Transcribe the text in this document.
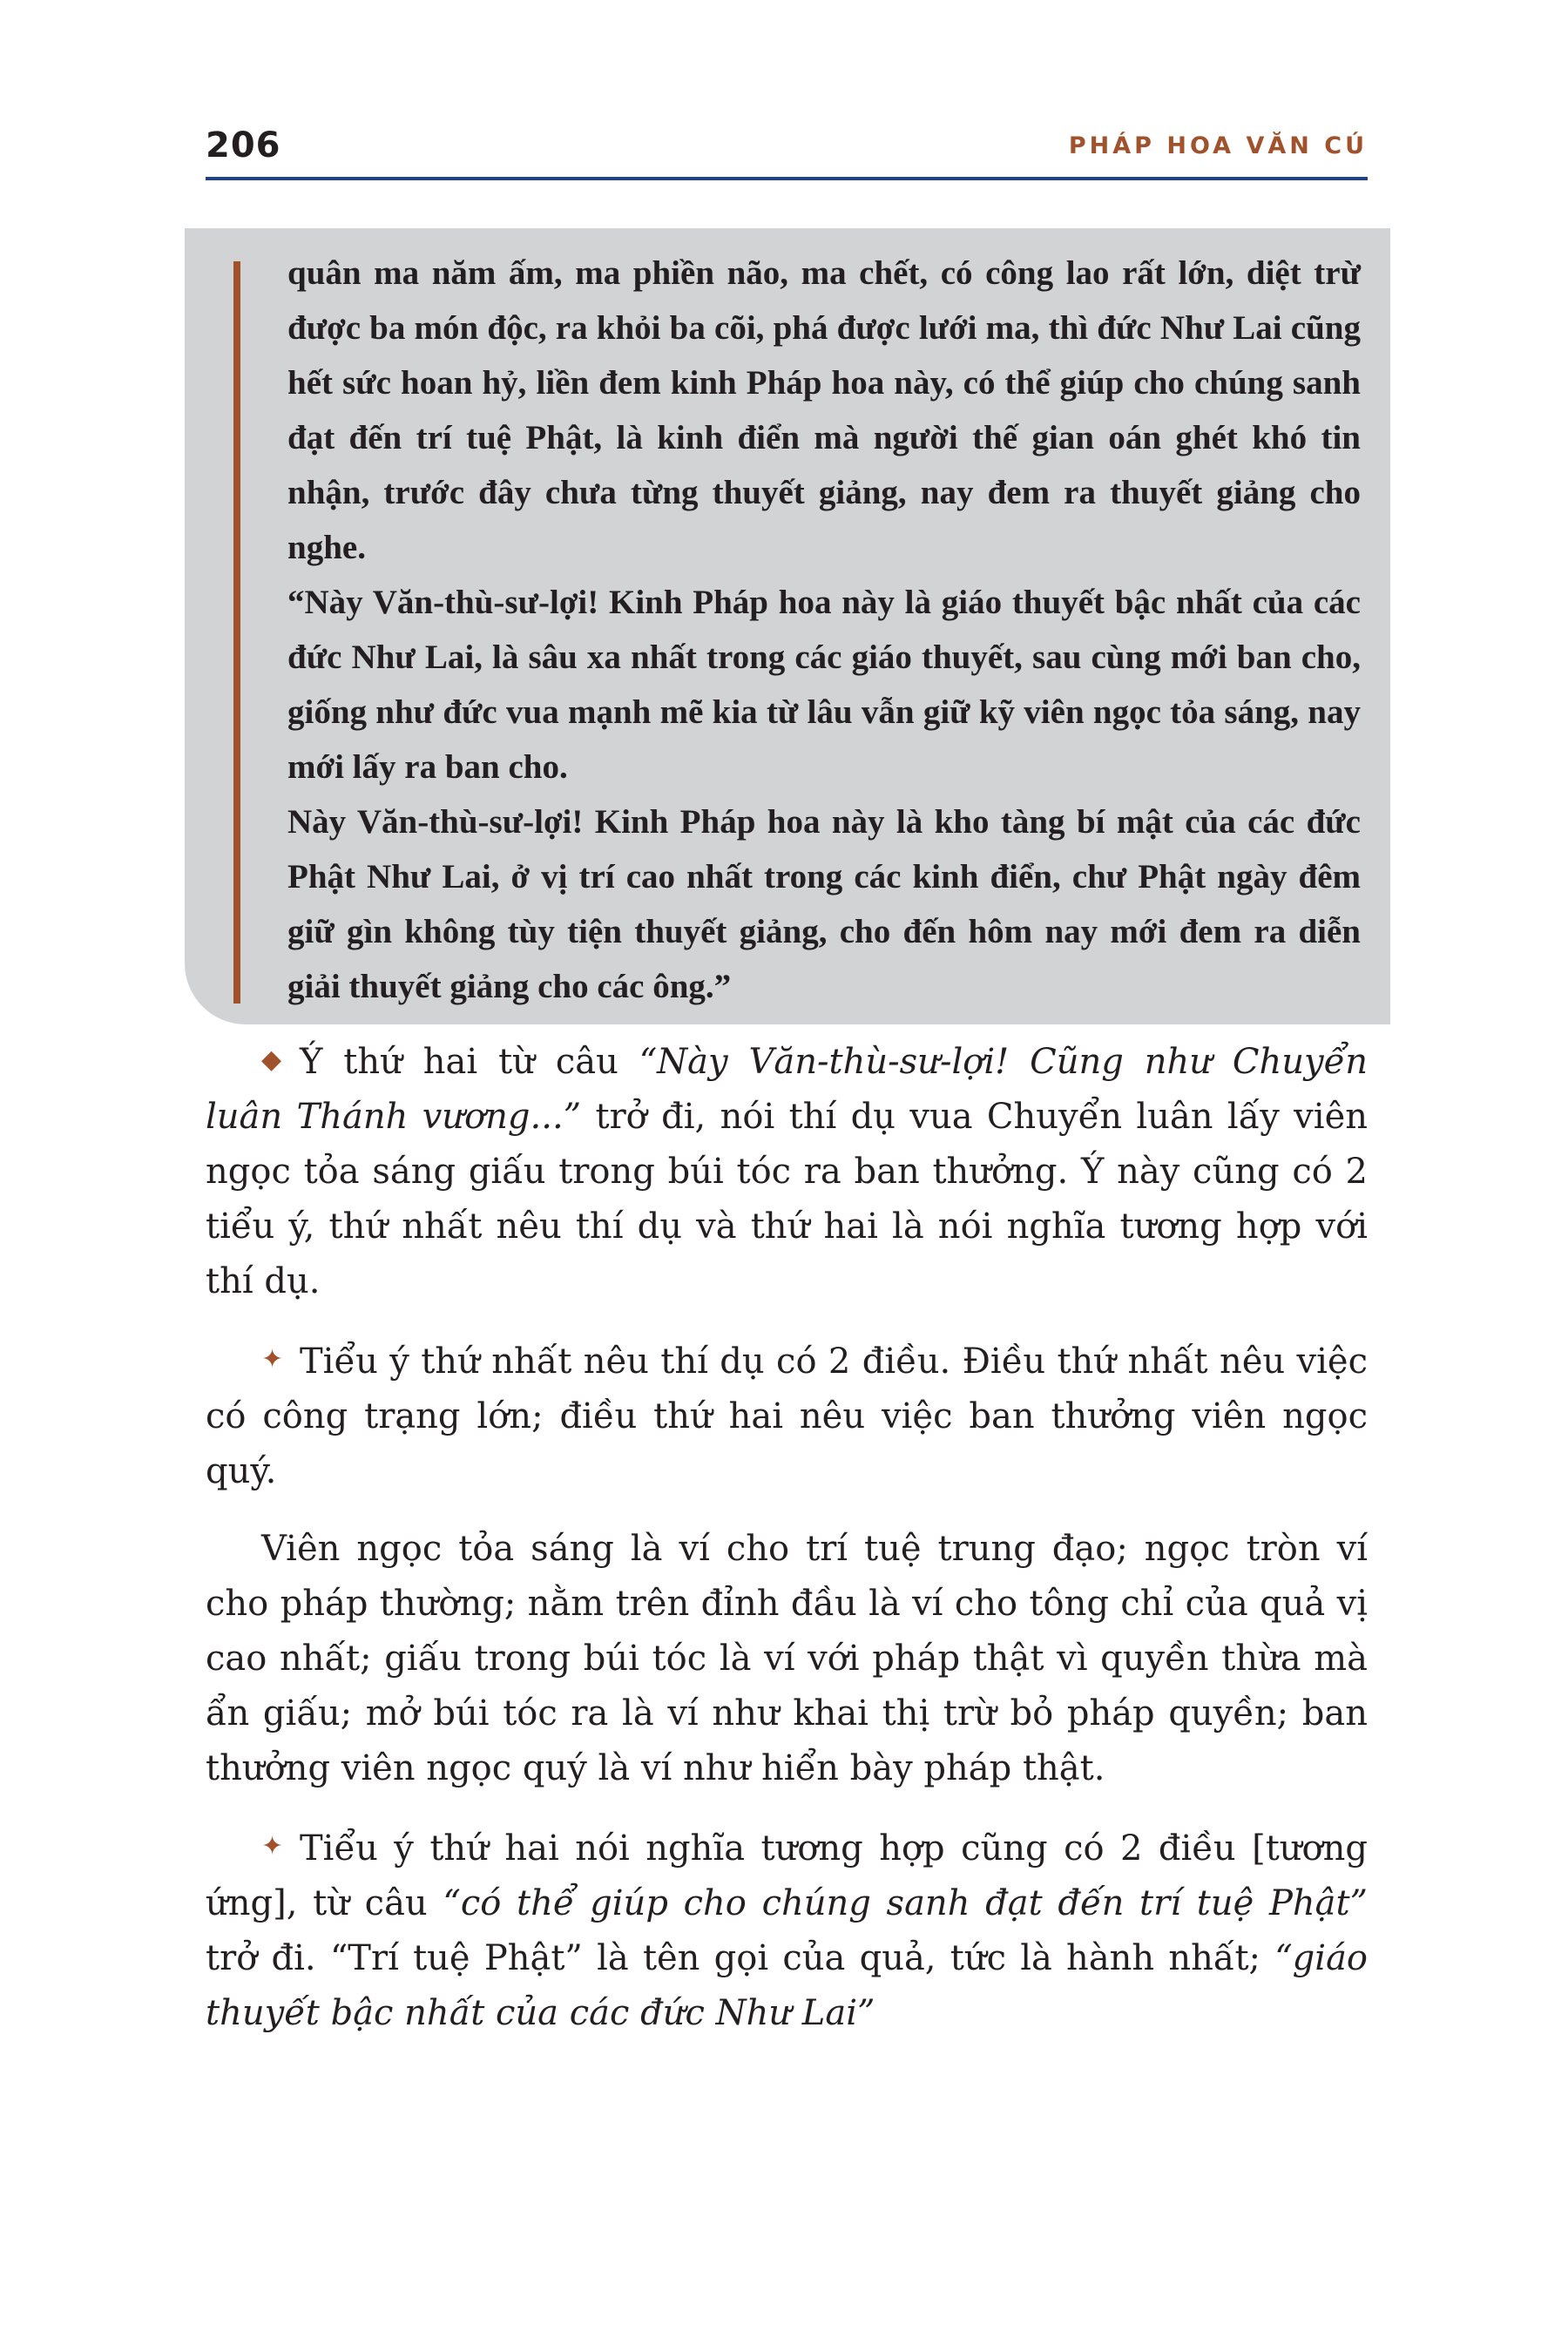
206	PHÁP HOA VĂN CÚ

quân ma năm ấm, ma phiền não, ma chết, có công lao rất lớn, diệt trừ được ba món độc, ra khỏi ba cõi, phá được lưới ma, thì đức Như Lai cũng hết sức hoan hỷ, liền đem kinh Pháp hoa này, có thể giúp cho chúng sanh đạt đến trí tuệ Phật, là kinh điển mà người thế gian oán ghét khó tin nhận, trước đây chưa từng thuyết giảng, nay đem ra thuyết giảng cho nghe.

“Này Văn-thù-sư-lợi! Kinh Pháp hoa này là giáo thuyết bậc nhất của các đức Như Lai, là sâu xa nhất trong các giáo thuyết, sau cùng mới ban cho, giống như đức vua mạnh mẽ kia từ lâu vẫn giữ kỹ viên ngọc tỏa sáng, nay mới lấy ra ban cho.

Này Văn-thù-sư-lợi! Kinh Pháp hoa này là kho tàng bí mật của các đức Phật Như Lai, ở vị trí cao nhất trong các kinh điển, chư Phật ngày đêm giữ gìn không tùy tiện thuyết giảng, cho đến hôm nay mới đem ra diễn giải thuyết giảng cho các ông.”

◆ Ý thứ hai từ câu “Này Văn-thù-sư-lợi! Cũng như Chuyển luân Thánh vương...” trở đi, nói thí dụ vua Chuyển luân lấy viên ngọc tỏa sáng giấu trong búi tóc ra ban thưởng. Ý này cũng có 2 tiểu ý, thứ nhất nêu thí dụ và thứ hai là nói nghĩa tương hợp với thí dụ.

✦ Tiểu ý thứ nhất nêu thí dụ có 2 điều. Điều thứ nhất nêu việc có công trạng lớn; điều thứ hai nêu việc ban thưởng viên ngọc quý.

Viên ngọc tỏa sáng là ví cho trí tuệ trung đạo; ngọc tròn ví cho pháp thường; nằm trên đỉnh đầu là ví cho tông chỉ của quả vị cao nhất; giấu trong búi tóc là ví với pháp thật vì quyền thừa mà ẩn giấu; mở búi tóc ra là ví như khai thị trừ bỏ pháp quyền; ban thưởng viên ngọc quý là ví như hiển bày pháp thật.

✦ Tiểu ý thứ hai nói nghĩa tương hợp cũng có 2 điều [tương ứng], từ câu “có thể giúp cho chúng sanh đạt đến trí tuệ Phật” trở đi. “Trí tuệ Phật” là tên gọi của quả, tức là hành nhất; “giáo thuyết bậc nhất của các đức Như Lai”
